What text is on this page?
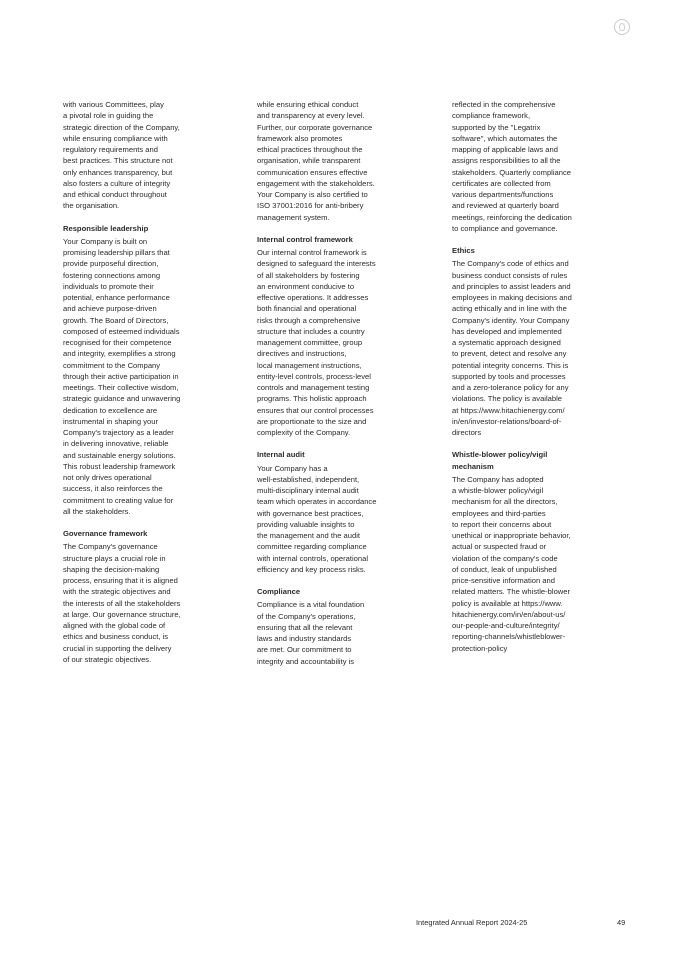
with various Committees, play
a pivotal role in guiding the
strategic direction of the Company,
while ensuring compliance with
regulatory requirements and
best practices. This structure not
only enhances transparency, but
also fosters a culture of integrity
and ethical conduct throughout
the organisation.
Responsible leadership
Your Company is built on
promising leadership pillars that
provide purposeful direction,
fostering connections among
individuals to promote their
potential, enhance performance
and achieve purpose-driven
growth. The Board of Directors,
composed of esteemed individuals
recognised for their competence
and integrity, exemplifies a strong
commitment to the Company
through their active participation in
meetings. Their collective wisdom,
strategic guidance and unwavering
dedication to excellence are
instrumental in shaping your
Company's trajectory as a leader
in delivering innovative, reliable
and sustainable energy solutions.
This robust leadership framework
not only drives operational
success, it also reinforces the
commitment to creating value for
all the stakeholders.
Governance framework
The Company's governance
structure plays a crucial role in
shaping the decision-making
process, ensuring that it is aligned
with the strategic objectives and
the interests of all the stakeholders
at large. Our governance structure,
aligned with the global code of
ethics and business conduct, is
crucial in supporting the delivery
of our strategic objectives.
while ensuring ethical conduct
and transparency at every level.
Further, our corporate governance
framework also promotes
ethical practices throughout the
organisation, while transparent
communication ensures effective
engagement with the stakeholders.
Your Company is also certified to
ISO 37001:2016 for anti-bribery
management system.
Internal control framework
Our internal control framework is
designed to safeguard the interests
of all stakeholders by fostering
an environment conducive to
effective operations. It addresses
both financial and operational
risks through a comprehensive
structure that includes a country
management committee, group
directives and instructions,
local management instructions,
entity-level controls, process-level
controls and management testing
programs. This holistic approach
ensures that our control processes
are proportionate to the size and
complexity of the Company.
Internal audit
Your Company has a
well-established, independent,
multi-disciplinary internal audit
team which operates in accordance
with governance best practices,
providing valuable insights to
the management and the audit
committee regarding compliance
with internal controls, operational
efficiency and key process risks.
Compliance
Compliance is a vital foundation
of the Company's operations,
ensuring that all the relevant
laws and industry standards
are met. Our commitment to
integrity and accountability is
reflected in the comprehensive
compliance framework,
supported by the "Legatrix
software", which automates the
mapping of applicable laws and
assigns responsibilities to all the
stakeholders. Quarterly compliance
certificates are collected from
various departments/functions
and reviewed at quarterly board
meetings, reinforcing the dedication
to compliance and governance.
Ethics
The Company's code of ethics and
business conduct consists of rules
and principles to assist leaders and
employees in making decisions and
acting ethically and in line with the
Company's identity. Your Company
has developed and implemented
a systematic approach designed
to prevent, detect and resolve any
potential integrity concerns. This is
supported by tools and processes
and a zero-tolerance policy for any
violations. The policy is available
at https://www.hitachienergy.com/
in/en/investor-relations/board-of-
directors
Whistle-blower policy/vigil
mechanism
The Company has adopted
a whistle-blower policy/vigil
mechanism for all the directors,
employees and third-parties
to report their concerns about
unethical or inappropriate behavior,
actual or suspected fraud or
violation of the company's code
of conduct, leak of unpublished
price-sensitive information and
related matters. The whistle-blower
policy is available at https://www.
hitachienergy.com/in/en/about-us/
our-people-and-culture/integrity/
reporting-channels/whistleblower-
protection-policy
Integrated Annual Report 2024-25	49
